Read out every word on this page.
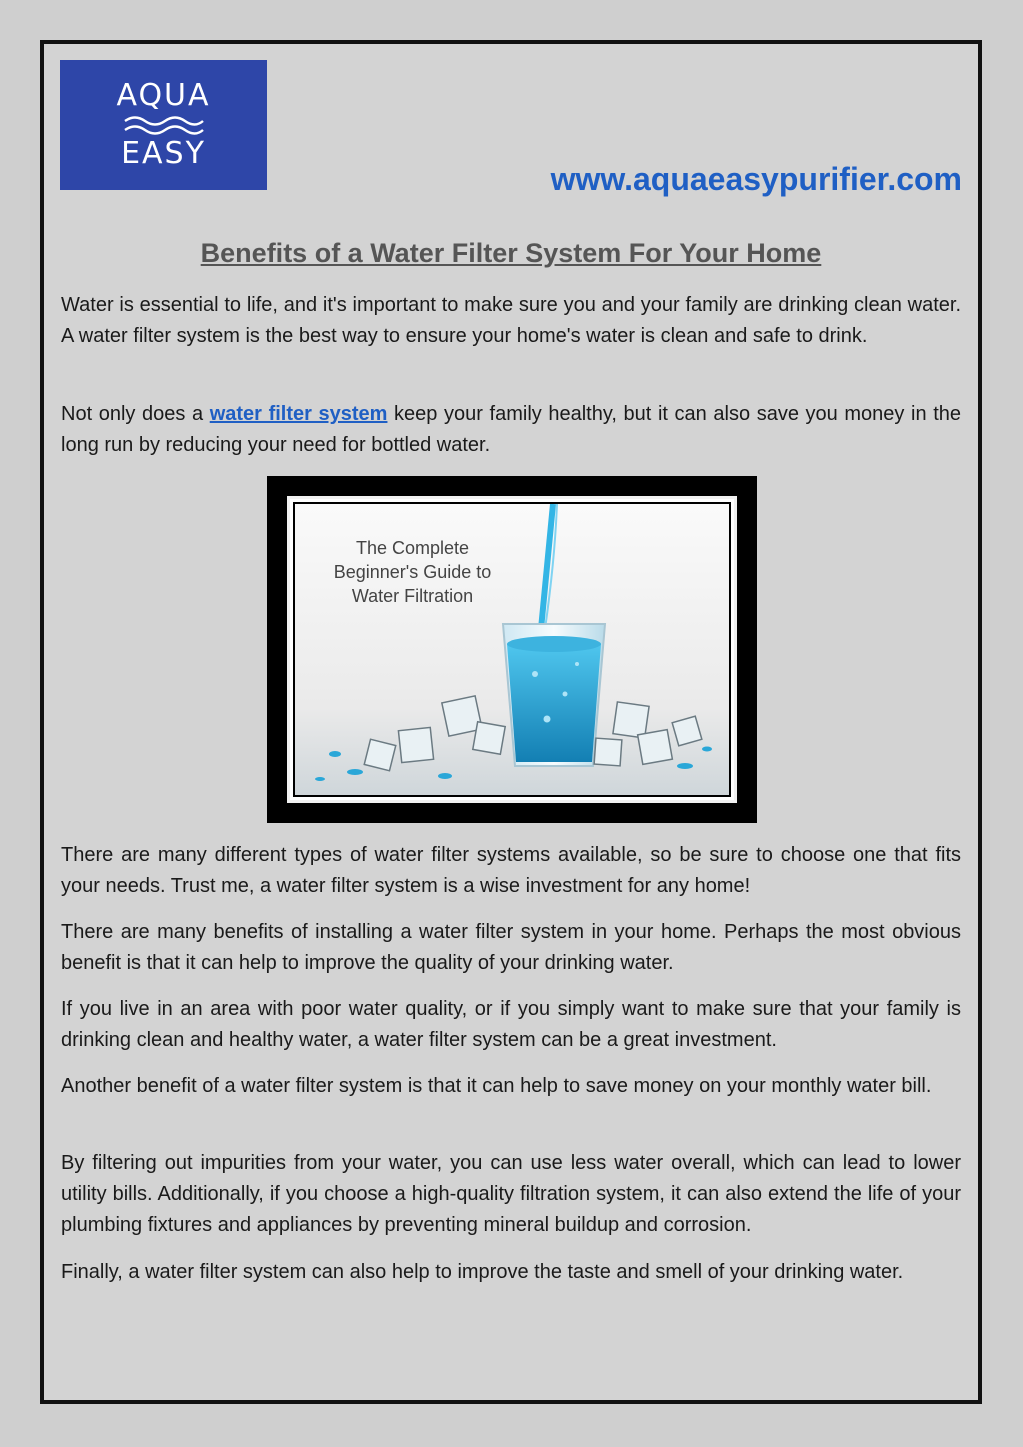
AQUA
EASY
www.aquaeasypurifier.com
Benefits of a Water Filter System For Your Home

Water is essential to life, and it's important to make sure you and your family are drinking clean water. A water filter system is the best way to ensure your home's water is clean and safe to drink.

Not only does a water filter system keep your family healthy, but it can also save you money in the long run by reducing your need for bottled water.

The Complete Beginner's Guide to Water Filtration

There are many different types of water filter systems available, so be sure to choose one that fits your needs. Trust me, a water filter system is a wise investment for any home!

There are many benefits of installing a water filter system in your home. Perhaps the most obvious benefit is that it can help to improve the quality of your drinking water.

If you live in an area with poor water quality, or if you simply want to make sure that your family is drinking clean and healthy water, a water filter system can be a great investment.

Another benefit of a water filter system is that it can help to save money on your monthly water bill.

By filtering out impurities from your water, you can use less water overall, which can lead to lower utility bills. Additionally, if you choose a high-quality filtration system, it can also extend the life of your plumbing fixtures and appliances by preventing mineral buildup and corrosion.

Finally, a water filter system can also help to improve the taste and smell of your drinking water.
